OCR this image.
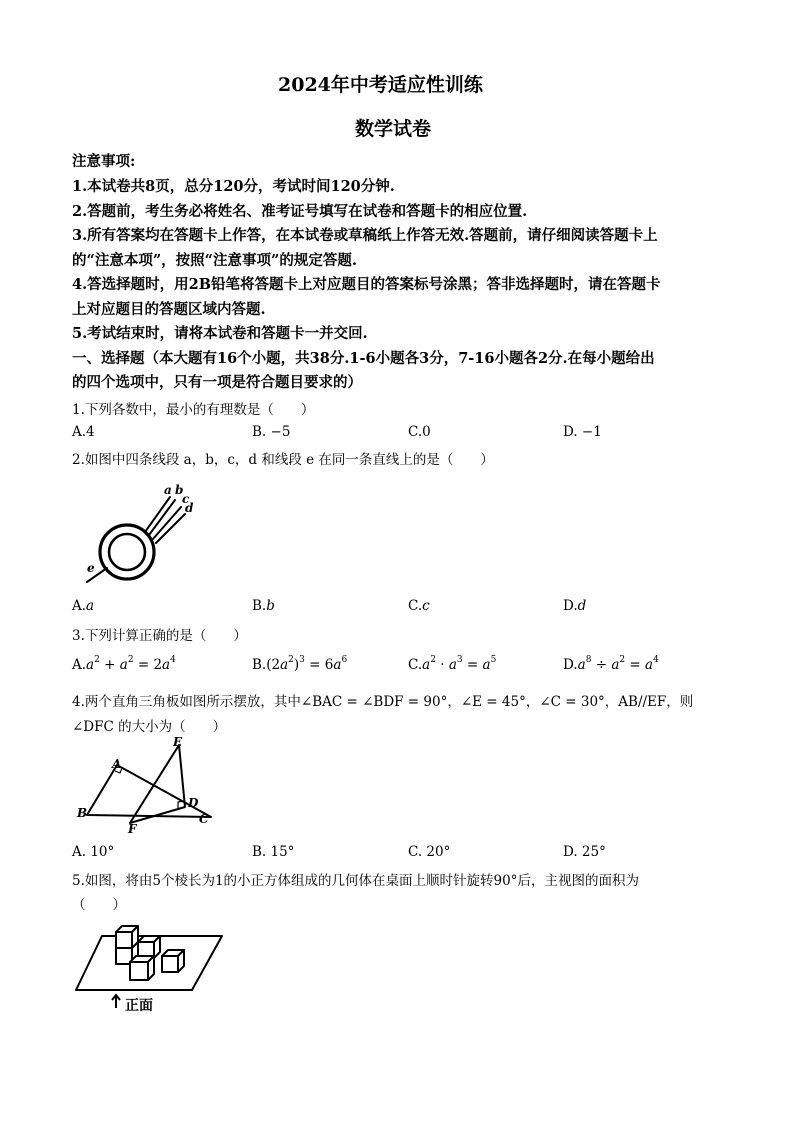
2024年中考适应性训练
数学试卷
注意事项:
1.本试卷共8页，总分120分，考试时间120分钟.
2.答题前，考生务必将姓名、准考证号填写在试卷和答题卡的相应位置.
3.所有答案均在答题卡上作答，在本试卷或草稿纸上作答无效.答题前，请仔细阅读答题卡上
的“注意本项”，按照“注意事项”的规定答题.
4.答选择题时，用2B铅笔将答题卡上对应题目的答案标号涂黑；答非选择题时，请在答题卡
上对应题目的答题区域内答题.
5.考试结束时，请将本试卷和答题卡一并交回.
一、选择题（本大题有16个小题，共38分.1-6小题各3分，7-16小题各2分.在每小题给出
的四个选项中，只有一项是符合题目要求的）
1.下列各数中，最小的有理数是（　　）
A.4	B. −5	C.0	D. −1
2.如图中四条线段 a，b，c，d 和线段 e 在同一条直线上的是（　　）
a b
c
d
e
A.a	B.b	C.c	D.d
3.下列计算正确的是（　　）
$A.a^2 + a^2 = 2a^4$	$B.(2a^2)^3 = 6a^6$	$C.a^2 \cdot a^3 = a^5$	$D.a^8 \div a^2 = a^4$
4.两个直角三角板如图所示摆放，其中∠BAC = ∠BDF = 90°，∠E = 45°，∠C = 30°，AB//EF，则
∠DFC 的大小为（　　）
E
A
B
D
C
F
A. 10°	B. 15°	C. 20°	D. 25°
5.如图，将由5个棱长为1的小正方体组成的几何体在桌面上顺时针旋转90°后，主视图的面积为
（　　）
正面
